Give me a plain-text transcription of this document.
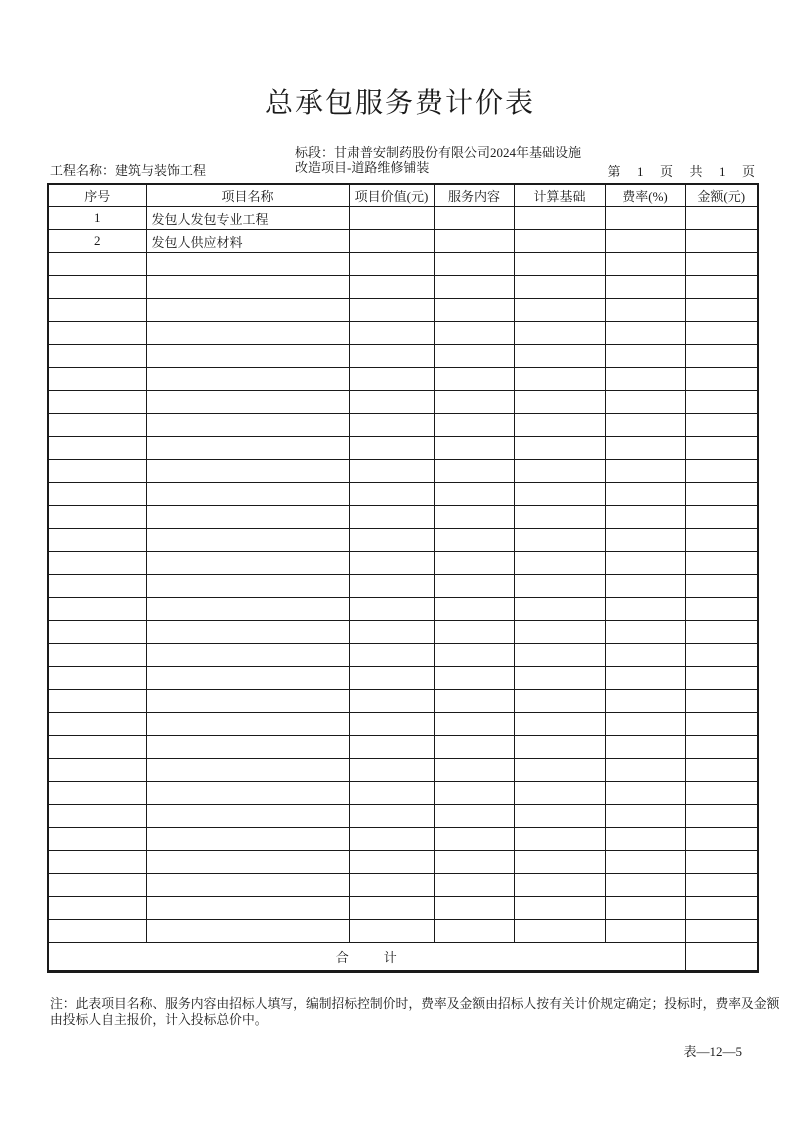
总承包服务费计价表
工程名称：建筑与装饰工程
标段：甘肃普安制药股份有限公司2024年基础设施
改造项目-道路维修铺装	第  1  页  共  1  页
序号	项目名称	项目价值(元)	服务内容	计算基础	费率(%)	金额(元)
1	发包人发包专业工程					
2	发包人供应材料					

合        计						
注：此表项目名称、服务内容由招标人填写，编制招标控制价时，费率及金额由招标人按有关计价规定确定；投标时，费率及金额
由投标人自主报价，计入投标总价中。
表—12—5
